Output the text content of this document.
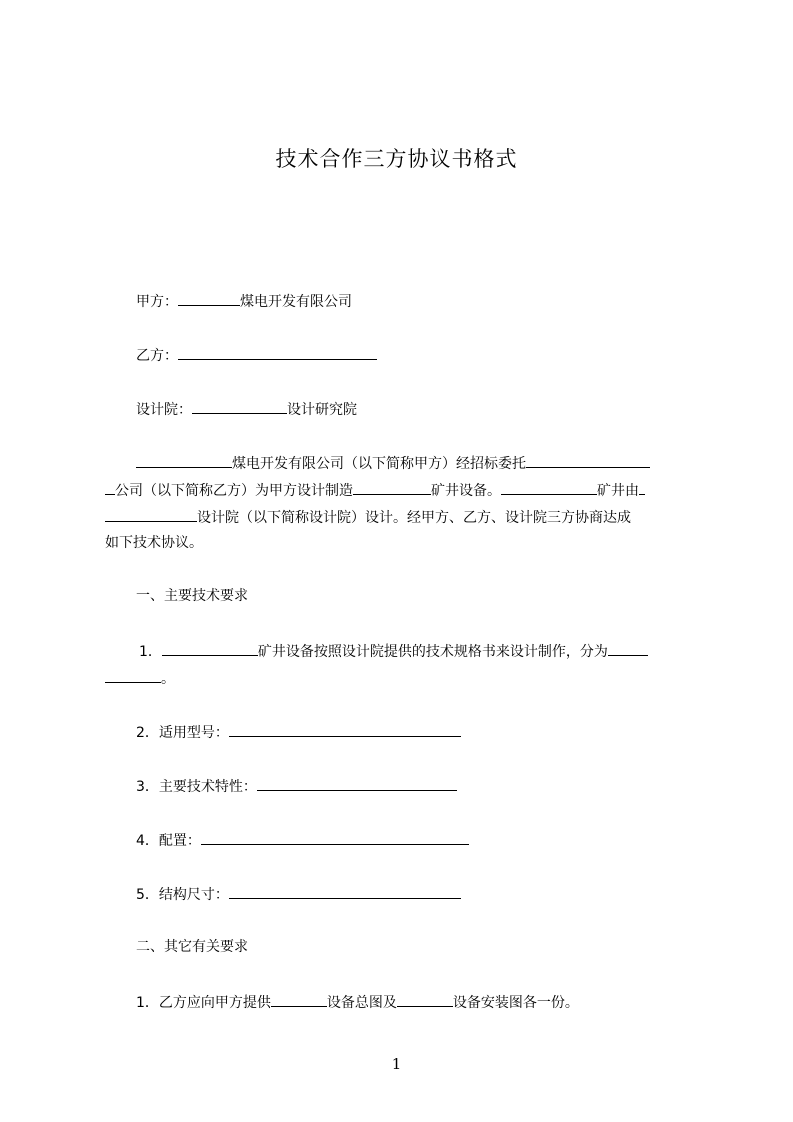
技术合作三方协议书格式
甲方：	煤电开发有限公司
乙方：
设计院：	设计研究院
煤电开发有限公司（以下简称甲方）经招标委托
公司（以下简称乙方）为甲方设计制造	矿井设备。	矿井由
设计院（以下简称设计院）设计。经甲方、乙方、设计院三方协商达成
如下技术协议。
一、主要技术要求
1．	矿井设备按照设计院提供的技术规格书来设计制作，分为
。
2．适用型号：
3．主要技术特性：
4．配置：
5．结构尺寸：
二、其它有关要求
1．乙方应向甲方提供	设备总图及	设备安装图各一份。
1
